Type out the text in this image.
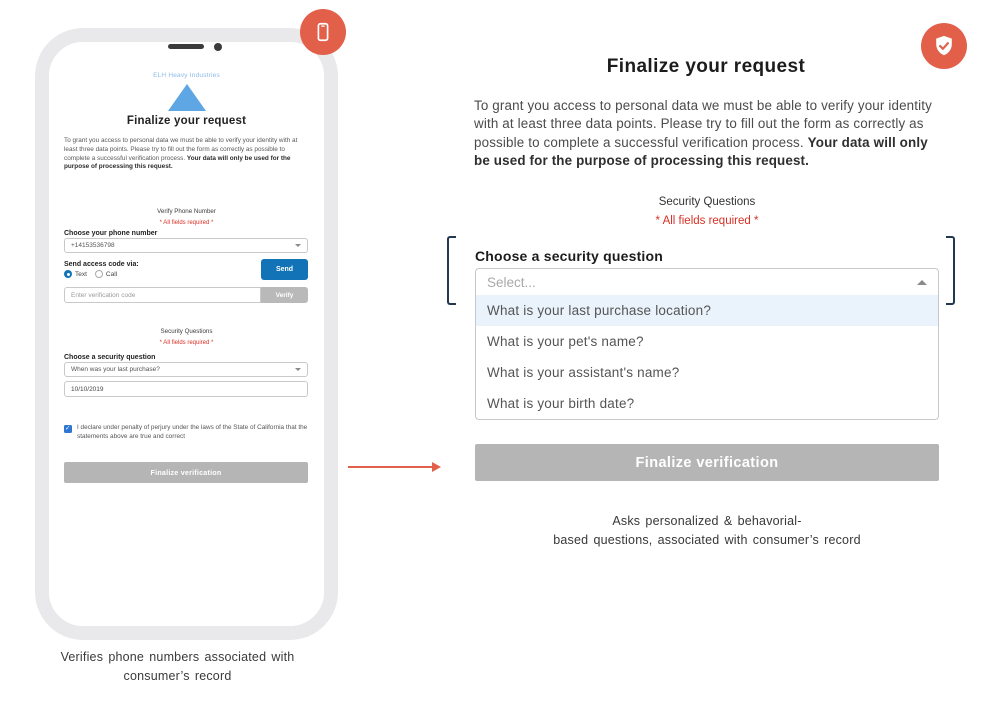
ELH Heavy Industries
Finalize your request
To grant you access to personal data we must be able to verify your identity with at least three data points. Please try to fill out the form as correctly as possible to complete a successful verification process. Your data will only be used for the purpose of processing this request.
Verify Phone Number
* All fields required *
Choose your phone number
+14153536798
Send access code via:
Text	Call
Send
Enter verification code
Verify
Security Questions
* All fields required *
Choose a security question
When was your last purchase?
10/10/2019
✓
I declare under penalty of perjury under the laws of the State of California that the statements above are true and correct
Finalize verification
Verifies phone numbers associated with
consumer’s record
Finalize your request
To grant you access to personal data we must be able to verify your identity with at least three data points. Please try to fill out the form as correctly as possible to complete a successful verification process. Your data will only be used for the purpose of processing this request.
Security Questions
* All fields required *
Choose a security question
Select...
What is your last purchase location?
What is your pet's name?
What is your assistant's name?
What is your birth date?
Finalize verification
Asks personalized & behavorial-
based questions, associated with consumer’s record
